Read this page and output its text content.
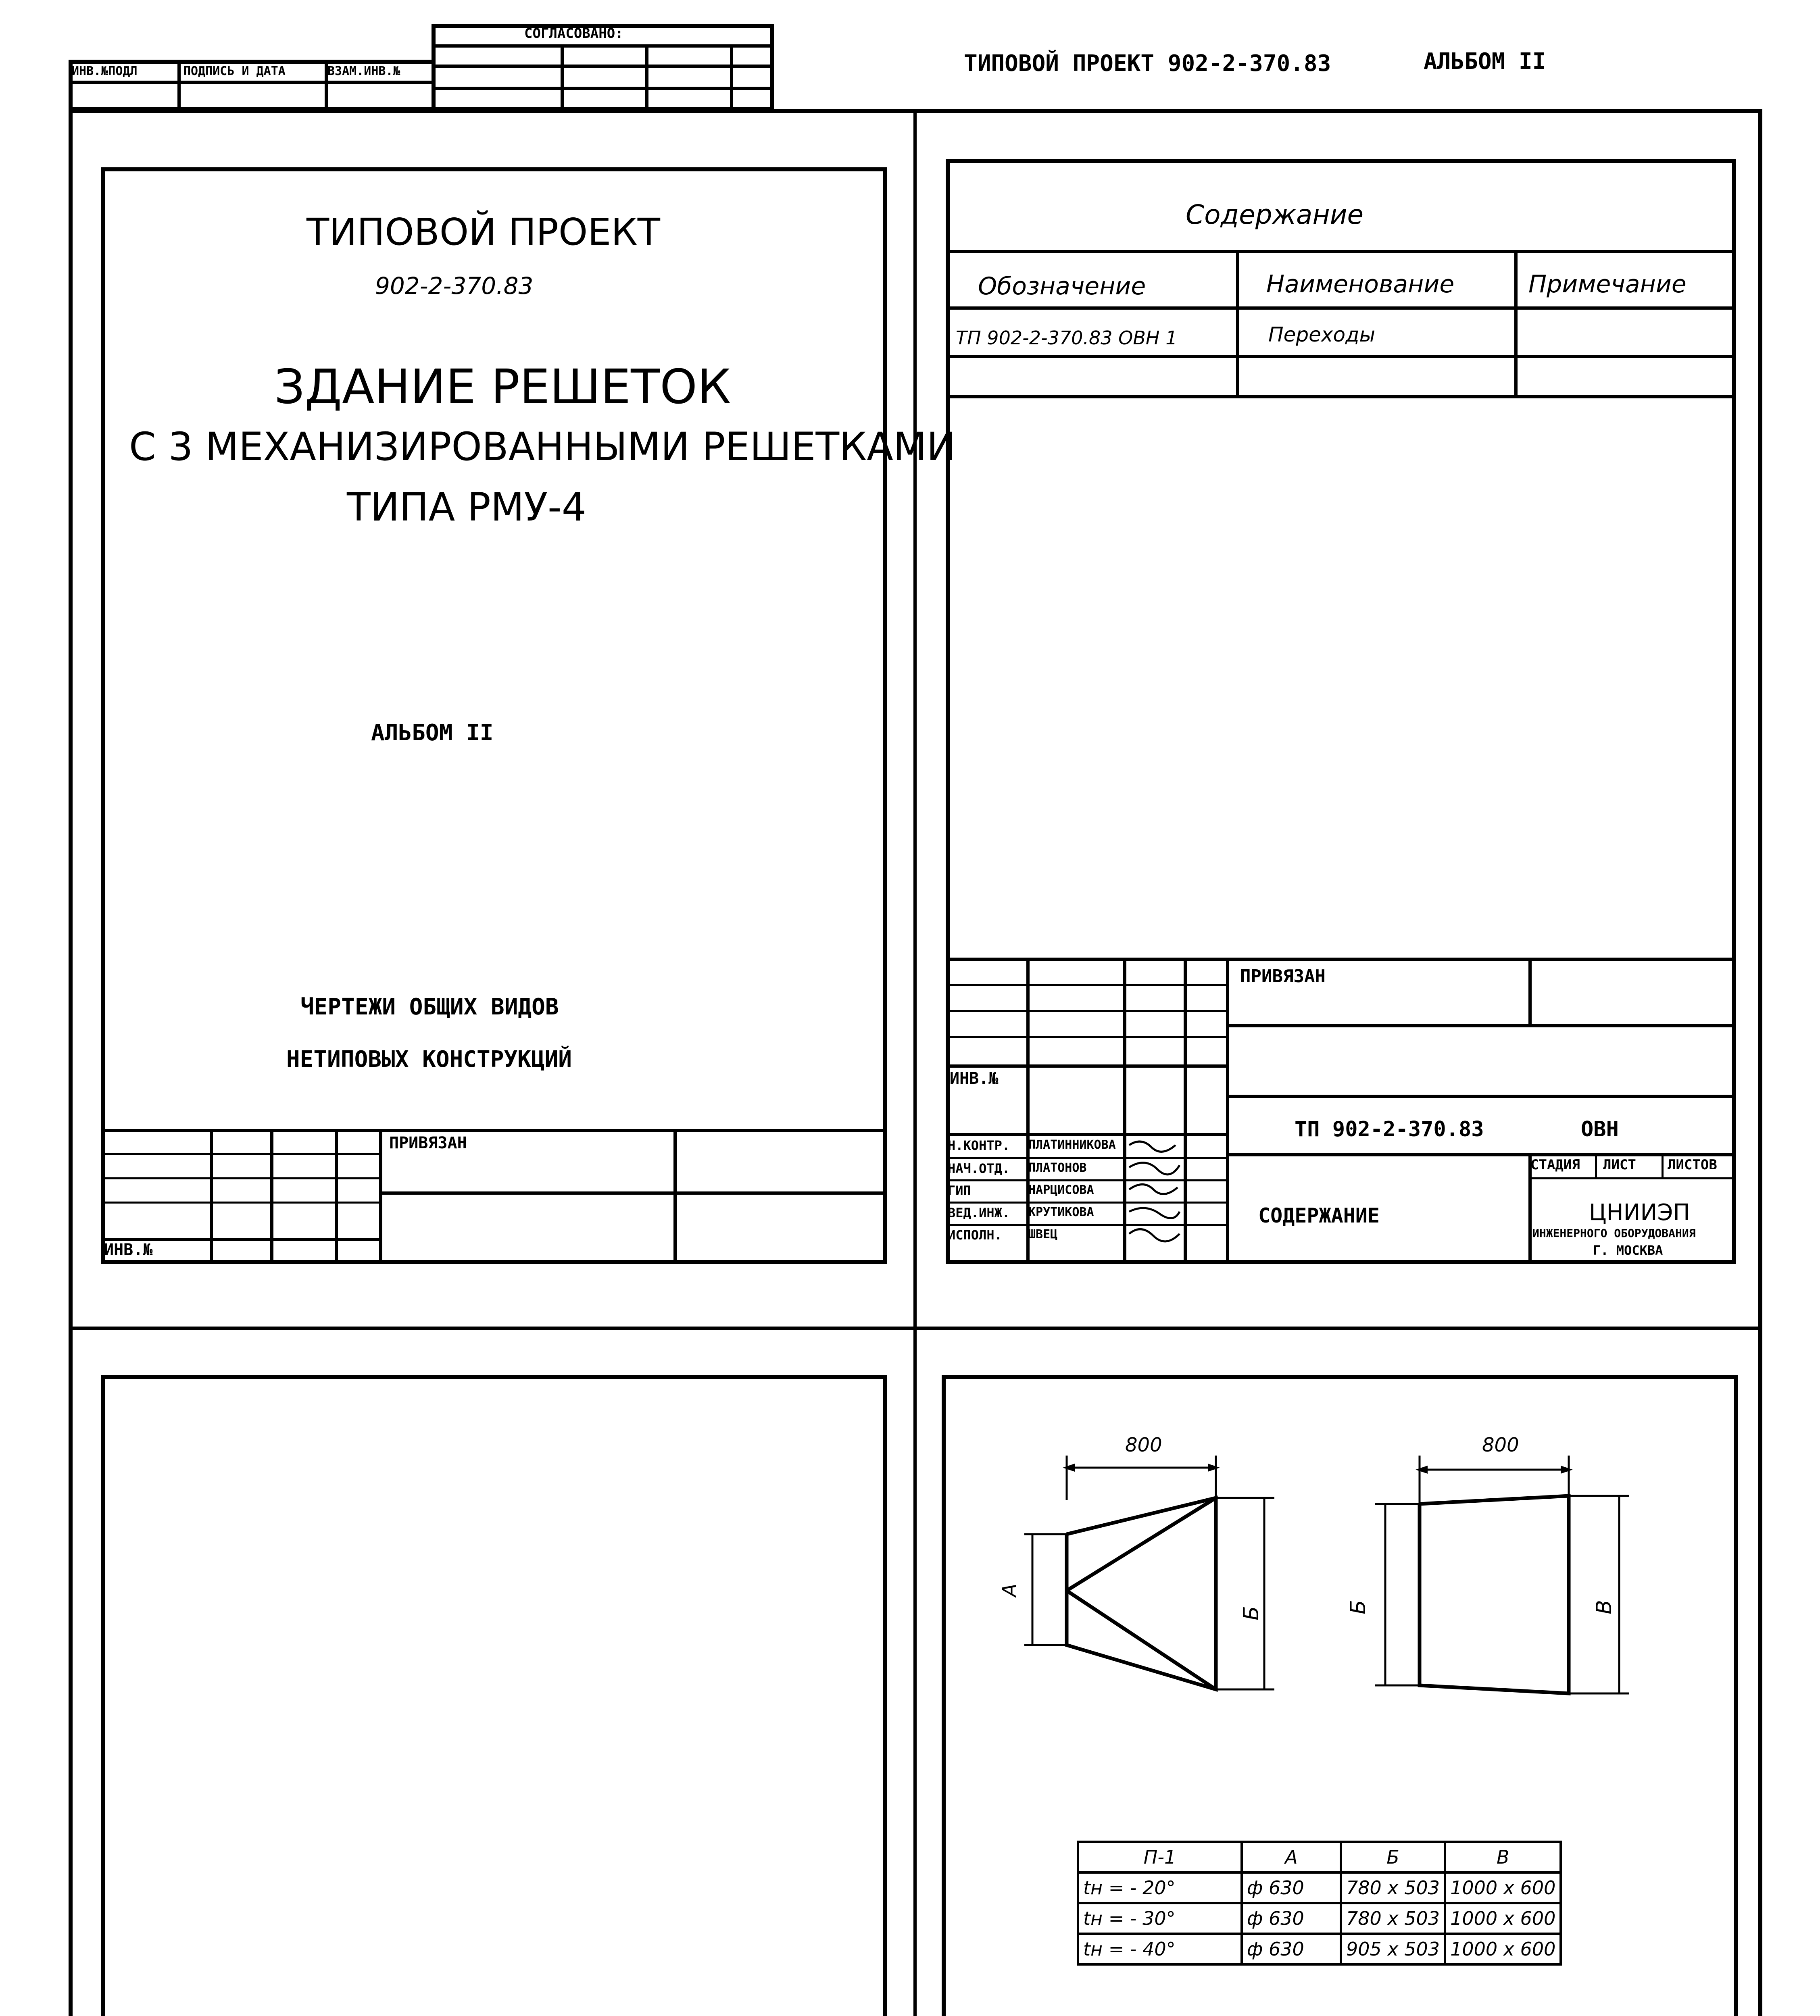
СОГЛАСОВАНО:
ИНВ.№ПОДЛ	ПОДПИСЬ И ДАТА	ВЗАМ.ИНВ.№	ТИПОВОЙ ПРОЕКТ 902-2-370.83	АЛЬБОМ II
ТИПОВОЙ ПРОЕКТ
902-2-370.83
ЗДАНИЕ РЕШЕТОК
С 3 МЕХАНИЗИРОВАННЫМИ РЕШЕТКАМИ
ТИПА РМУ-4
АЛЬБОМ II
ЧЕРТЕЖИ ОБЩИХ ВИДОВ
НЕТИПОВЫХ КОНСТРУКЦИЙ
ПРИВЯЗАН
ИНВ.№
Содержание
Обозначение	Наименование	Примечание
ТП 902-2-370.83 ОВН 1	Переходы
ПРИВЯЗАН
ИНВ.№
ТП 902-2-370.83	ОВН
СТАДИЯ ЛИСТ ЛИСТОВ
СОДЕРЖАНИЕ	ЦНИИЭП
ИНЖЕНЕРНОГО ОБОРУДОВАНИЯ
Г. МОСКВА
Н.КОНТР. ПЛАТИННИКОВА
НАЧ.ОТД. ПЛАТОНОВ
ГИП	НАРЦИСОВА
ВЕД.ИНЖ. КРУТИКОВА
ИСПОЛН. ШВЕЦ
800
А
Б
800
Б	В
П-1	А	Б	В
tн = - 20°	ф 630	780 х 503	1000 х 600
tн = - 30°	ф 630	780 х 503	1000 х 600
tн = - 40°	ф 630	905 х 503	1000 х 600
